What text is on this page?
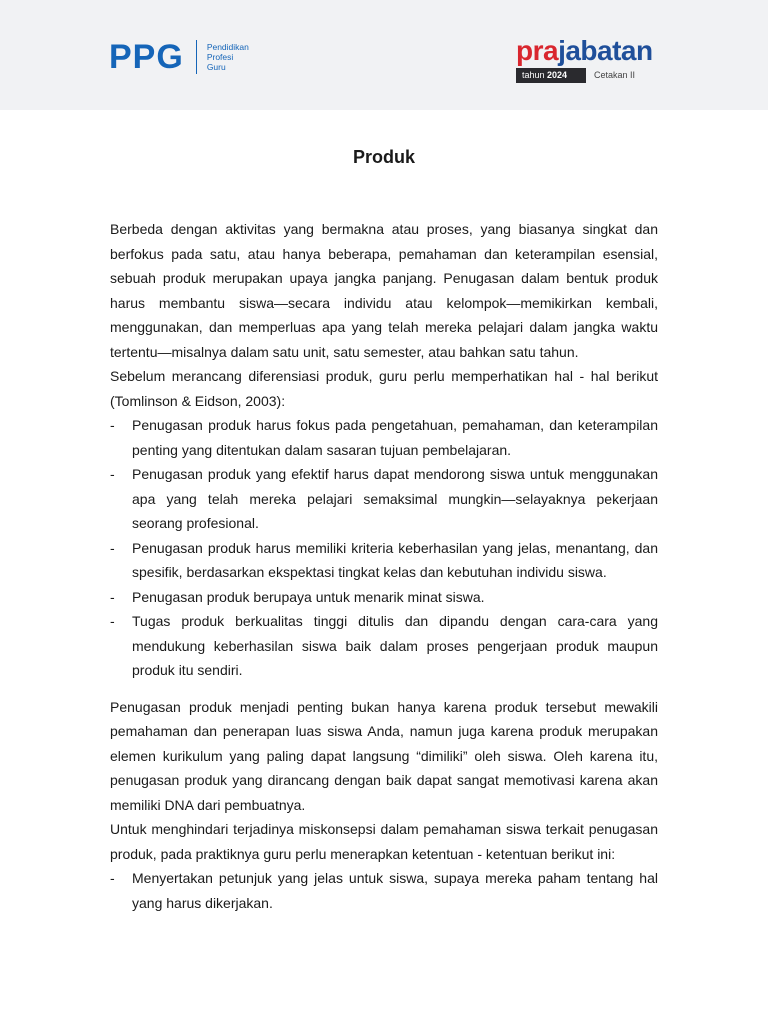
PPG	Pendidikan
Profesi
Guru
prajabatan
tahun 2024	Cetakan II
Produk

Berbeda dengan aktivitas yang bermakna atau proses, yang biasanya singkat dan berfokus pada satu, atau hanya beberapa, pemahaman dan keterampilan esensial, sebuah produk merupakan upaya jangka panjang. Penugasan dalam bentuk produk harus membantu siswa—secara individu atau kelompok—memikirkan kembali, menggunakan, dan memperluas apa yang telah mereka pelajari dalam jangka waktu tertentu—misalnya dalam satu unit, satu semester, atau bahkan satu tahun.

Sebelum merancang diferensiasi produk, guru perlu memperhatikan hal - hal berikut (Tomlinson & Eidson, 2003):

- Penugasan produk harus fokus pada pengetahuan, pemahaman, dan keterampilan penting yang ditentukan dalam sasaran tujuan pembelajaran.
- Penugasan produk yang efektif harus dapat mendorong siswa untuk menggunakan apa yang telah mereka pelajari semaksimal mungkin—selayaknya pekerjaan seorang profesional.
- Penugasan produk harus memiliki kriteria keberhasilan yang jelas, menantang, dan spesifik, berdasarkan ekspektasi tingkat kelas dan kebutuhan individu siswa.
- Penugasan produk berupaya untuk menarik minat siswa.
- Tugas produk berkualitas tinggi ditulis dan dipandu dengan cara-cara yang mendukung keberhasilan siswa baik dalam proses pengerjaan produk maupun produk itu sendiri.

Penugasan produk menjadi penting bukan hanya karena produk tersebut mewakili pemahaman dan penerapan luas siswa Anda, namun juga karena produk merupakan elemen kurikulum yang paling dapat langsung “dimiliki” oleh siswa. Oleh karena itu, penugasan produk yang dirancang dengan baik dapat sangat memotivasi karena akan memiliki DNA dari pembuatnya.

Untuk menghindari terjadinya miskonsepsi dalam pemahaman siswa terkait penugasan produk, pada praktiknya guru perlu menerapkan ketentuan - ketentuan berikut ini:

- Menyertakan petunjuk yang jelas untuk siswa, supaya mereka paham tentang hal yang harus dikerjakan.
